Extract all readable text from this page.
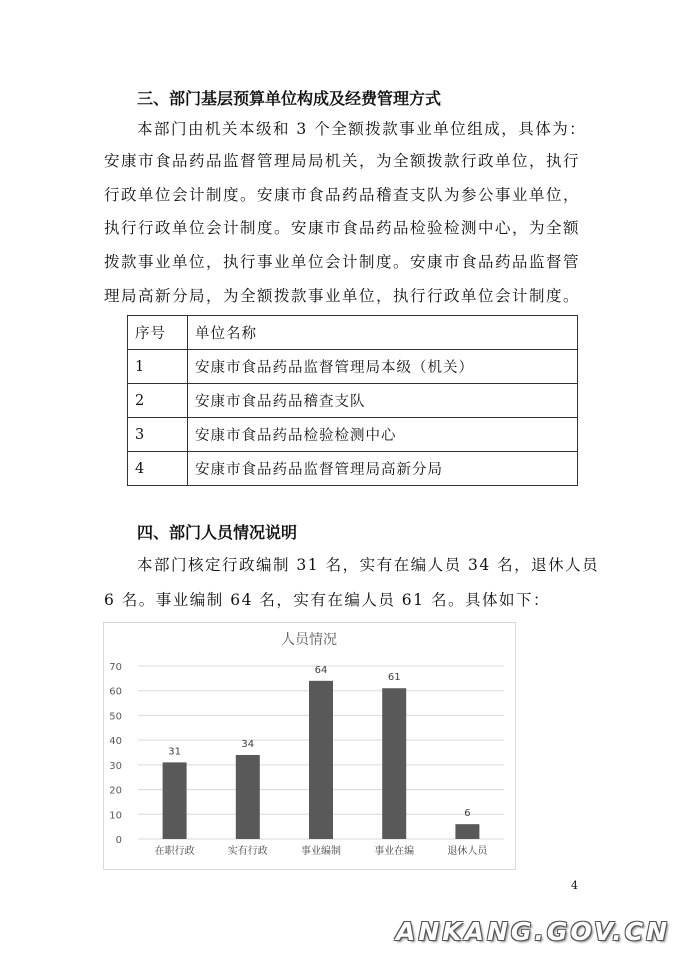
三、部门基层预算单位构成及经费管理方式
本部门由机关本级和 3 个全额拨款事业单位组成，具体为：
安康市食品药品监督管理局局机关，为全额拨款行政单位，执行
行政单位会计制度。安康市食品药品稽查支队为参公事业单位，
执行行政单位会计制度。安康市食品药品检验检测中心，为全额
拨款事业单位，执行事业单位会计制度。安康市食品药品监督管
理局高新分局，为全额拨款事业单位，执行行政单位会计制度。
序号	单位名称
1	安康市食品药品监督管理局本级（机关）
2	安康市食品药品稽查支队
3	安康市食品药品检验检测中心
4	安康市食品药品监督管理局高新分局
四、部门人员情况说明
本部门核定行政编制 31 名，实有在编人员 34 名，退休人员
6 名。事业编制 64 名，实有在编人员 61 名。具体如下：
人员情况
0
10
20
30
40
50
60
70
31
在职行政
34
实有行政
64
事业编制
61
事业在编
6
退休人员
4
ANKANG.GOV.CN
